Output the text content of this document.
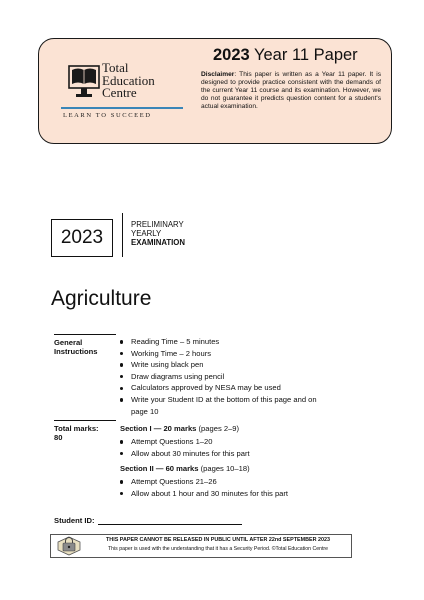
Total
Education
Centre
LEARN TO SUCCEED
2023 Year 11 Paper
Disclaimer: This paper is written as a Year 11 paper. It is designed to provide practice consistent with the demands of the current Year 11 course and its examination. However, we do not guarantee it predicts question content for a student's actual examination.
2023
PRELIMINARY
YEARLY
EXAMINATION
Agriculture
General
Instructions
Reading Time – 5 minutes
Working Time – 2 hours
Write using black pen
Draw diagrams using pencil
Calculators approved by NESA may be used
Write your Student ID at the bottom of this page and on
page 10
Total marks:
80
Section I — 20 marks (pages 2–9)
Attempt Questions 1–20
Allow about 30 minutes for this part
Section II — 60 marks (pages 10–18)
Attempt Questions 21–26
Allow about 1 hour and 30 minutes for this part
Student ID:
THIS PAPER CANNOT BE RELEASED IN PUBLIC UNTIL AFTER 22nd SEPTEMBER 2023
This paper is used with the understanding that it has a Security Period. ©Total Education Centre
